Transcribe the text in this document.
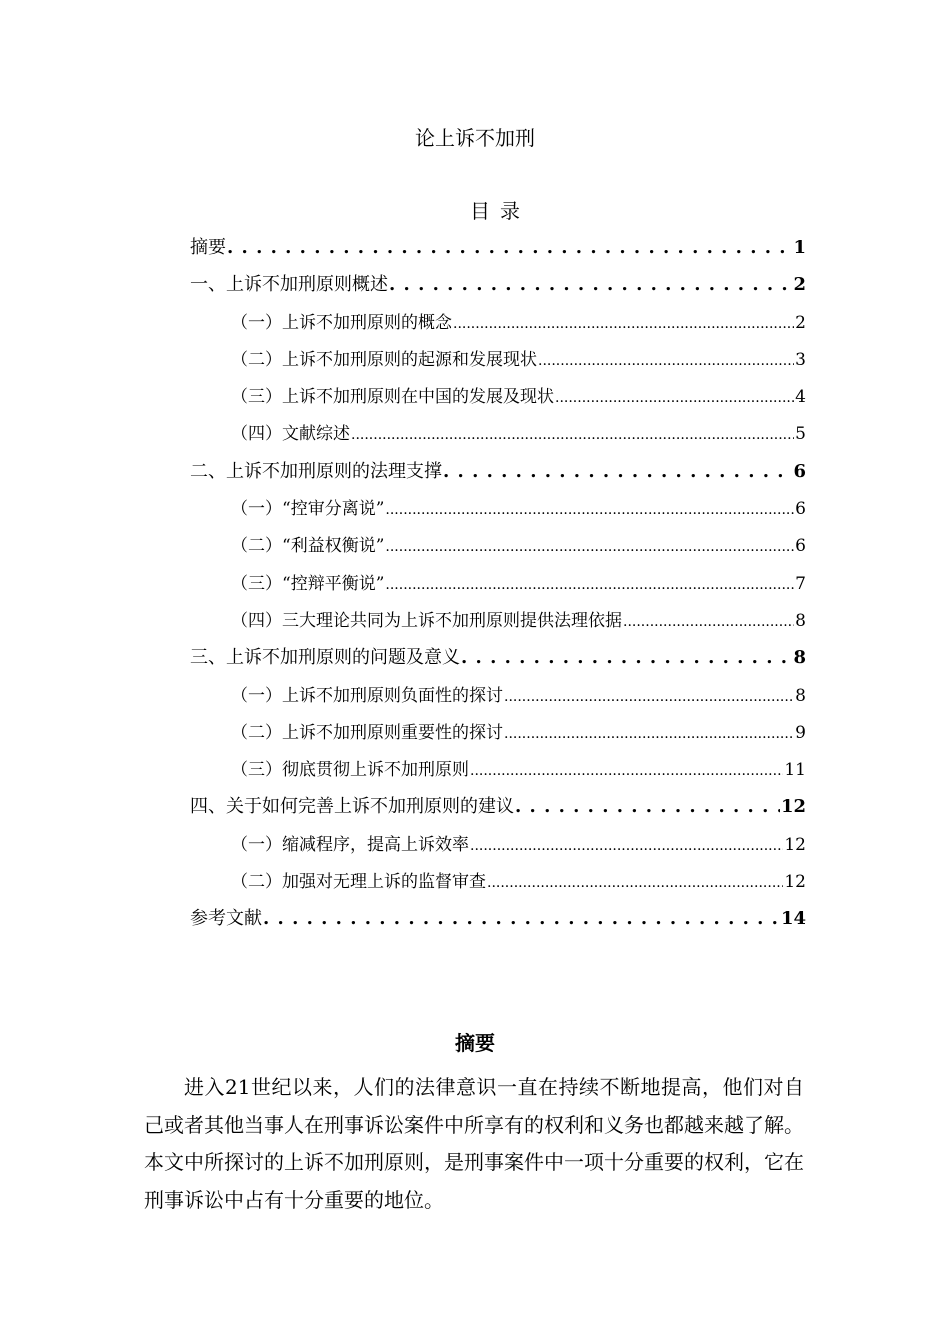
论上诉不加刑
目录
摘要 . . .	1
一、上诉不加刑原则概述 . . .	2
（一）上诉不加刑原则的概念 .....	2
（二）上诉不加刑原则的起源和发展现状 .....	3
（三）上诉不加刑原则在中国的发展及现状 .....	4
（四）文献综述 .....	5
二、上诉不加刑原则的法理支撑 . . .	6
（一）“控审分离说” .....	6
（二）“利益权衡说” .....	6
（三）“控辩平衡说” .....	7
（四）三大理论共同为上诉不加刑原则提供法理依据 .....	8
三、上诉不加刑原则的问题及意义 . . .	8
（一）上诉不加刑原则负面性的探讨 .....	8
（二）上诉不加刑原则重要性的探讨 .....	9
（三）彻底贯彻上诉不加刑原则 .....	11
四、关于如何完善上诉不加刑原则的建议 . . .	12
（一）缩减程序，提高上诉效率 .....	12
（二）加强对无理上诉的监督审查 .....	12
参考文献 . . .	14
摘要

进入21世纪以来，人们的法律意识一直在持续不断地提高，他们对自己或者其他当事人在刑事诉讼案件中所享有的权利和义务也都越来越了解。本文中所探讨的上诉不加刑原则，是刑事案件中一项十分重要的权利，它在刑事诉讼中占有十分重要的地位。
